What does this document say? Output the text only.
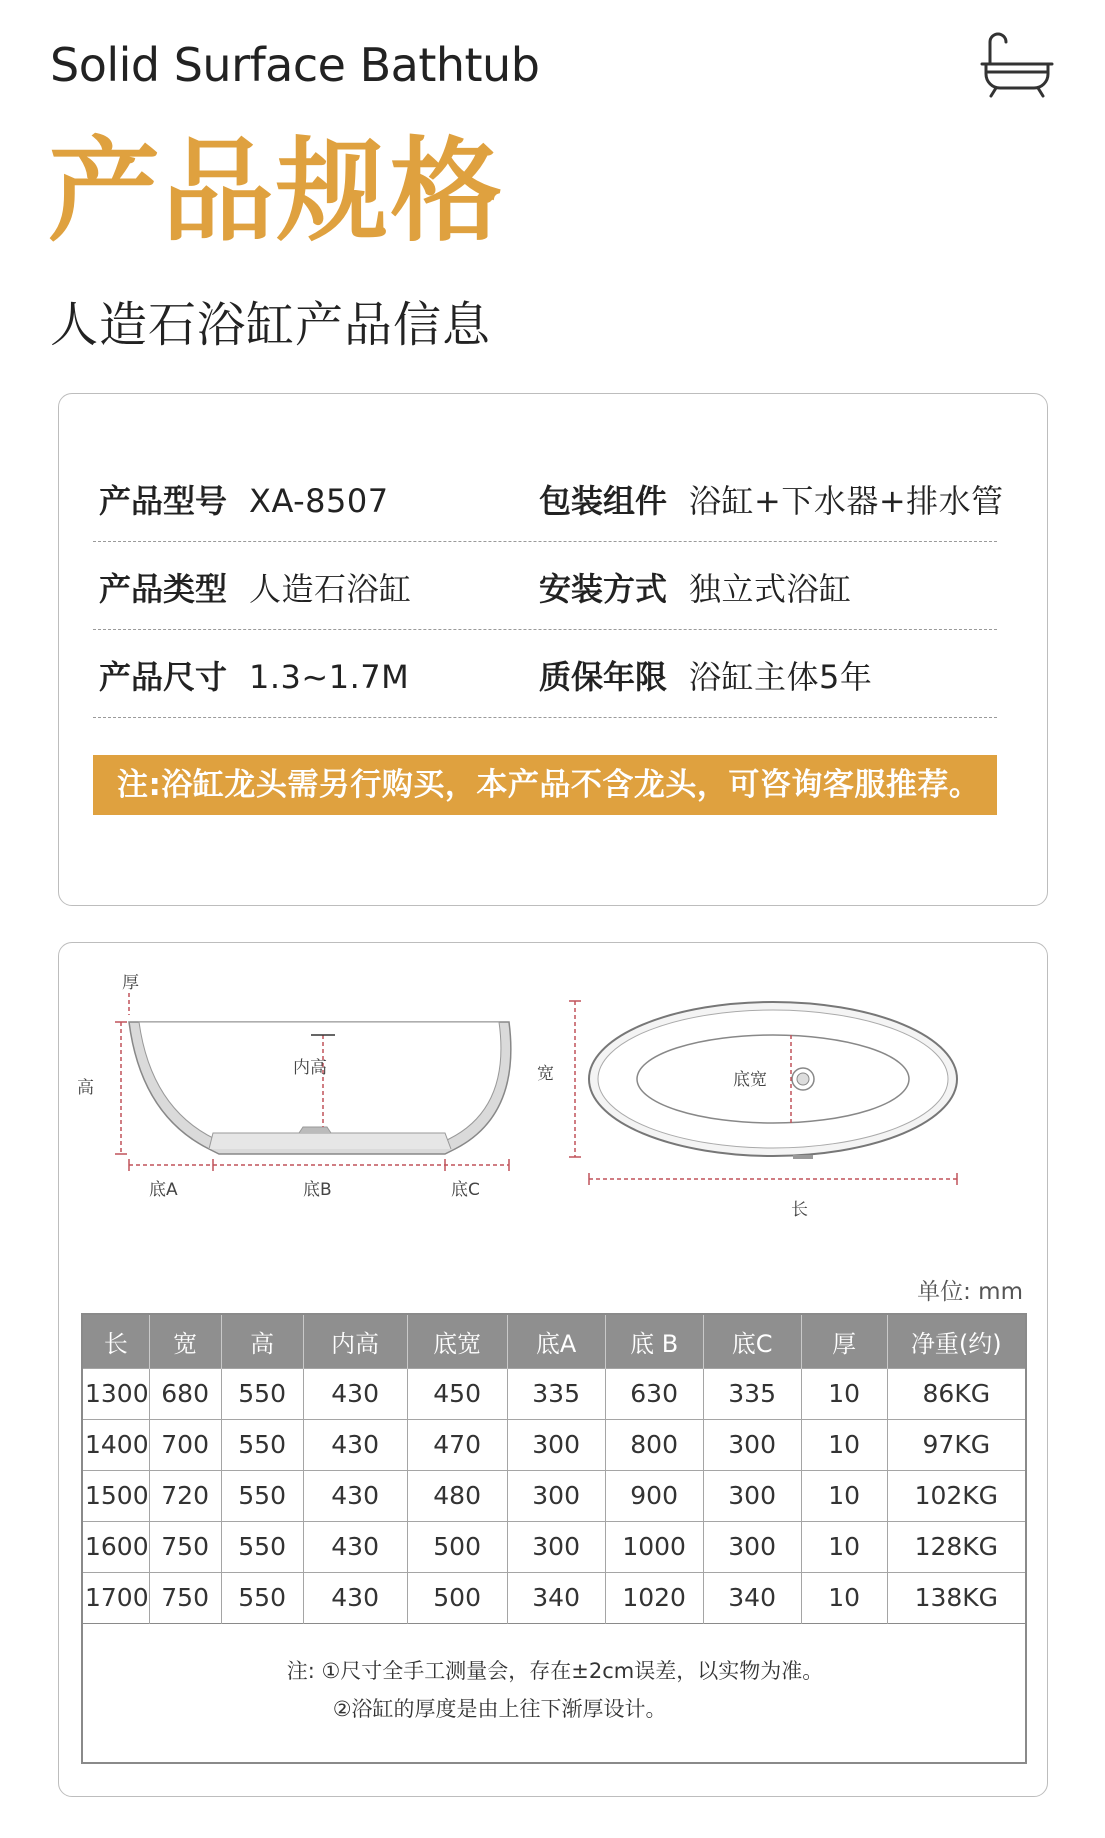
Solid Surface Bathtub
产品规格
人造石浴缸产品信息
产品型号 XA-8507	包装组件 浴缸+下水器+排水管
产品类型 人造石浴缸	安装方式 独立式浴缸
产品尺寸 1.3~1.7M	质保年限 浴缸主体5年
注:浴缸龙头需另行购买，本产品不含龙头，可咨询客服推荐。
厚
高
内高
底A	底B	底C
宽	底宽
长
单位: mm
长	宽	高	内高	底宽	底A	底 B	底C	厚	净重(约)
1300	680	550	430	450	335	630	335	10	86KG
1400	700	550	430	470	300	800	300	10	97KG
1500	720	550	430	480	300	900	300	10	102KG
1600	750	550	430	500	300	1000	300	10	128KG
1700	750	550	430	500	340	1020	340	10	138KG

注: ①尺寸全手工测量会，存在±2cm误差，以实物为准。
②浴缸的厚度是由上往下渐厚设计。									
